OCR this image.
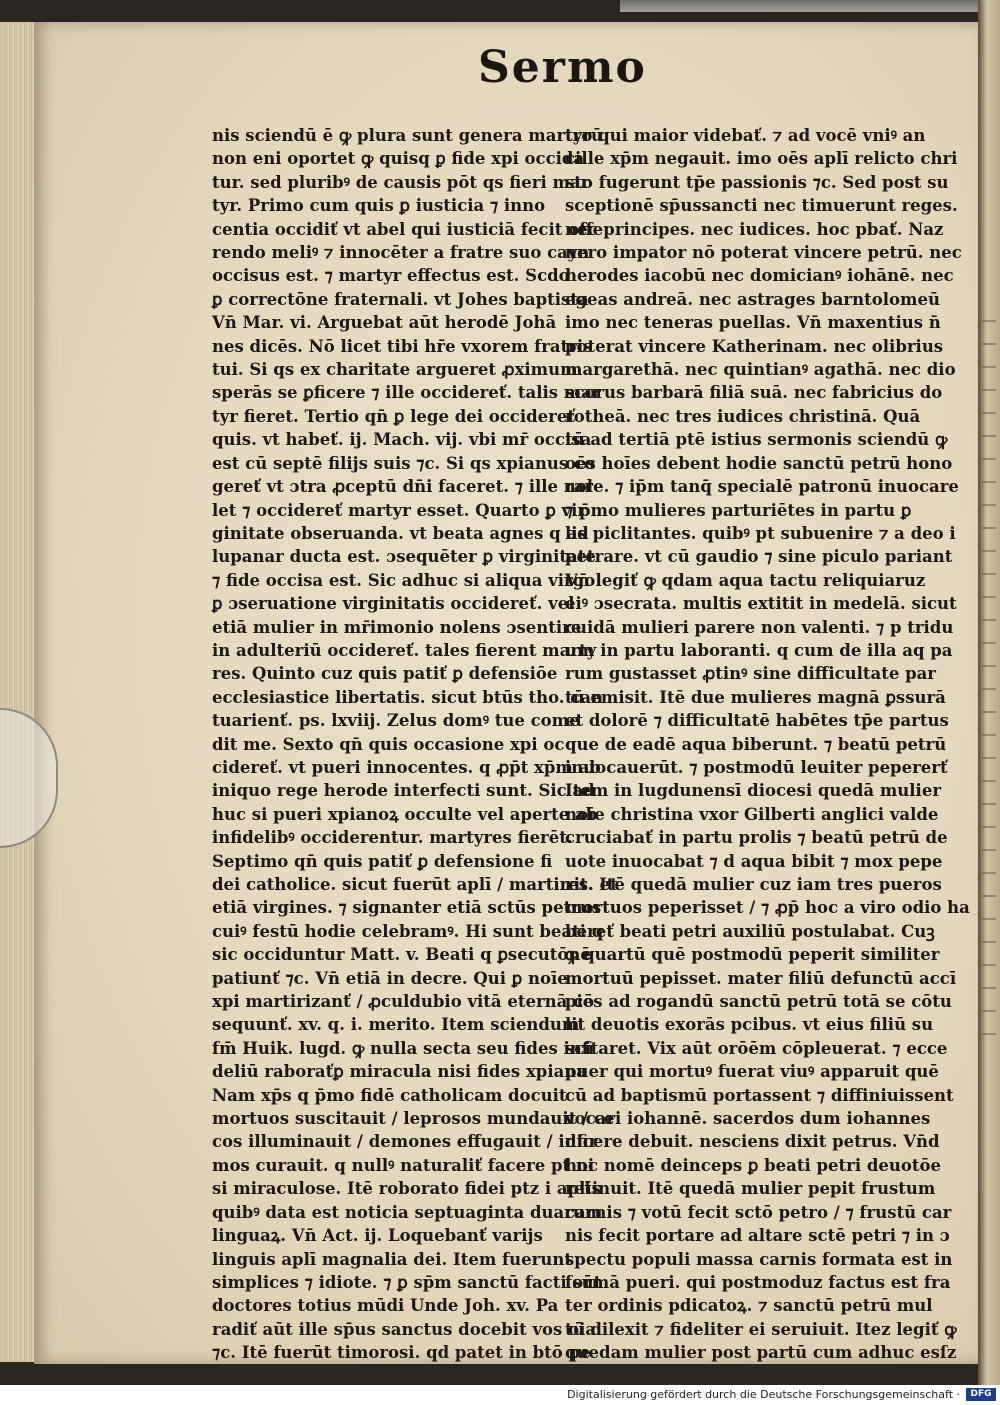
Sermo
nis sciendū ē ꝙ plura sunt genera martyrū
non eni oportet ꝙ quisq ꝑ fide xpi occida
tur. sed pluribꝰ de causis pōt qs fieri mar
tyr. Primo cum quis ꝑ iusticia ⁊ inno
centia occidiť vt abel qui iusticiā fecit offe
rendo meliꝰ ⁊ innocēter a fratre suo cayn
occisus est. ⁊ martyr effectus est. Scdo
ꝑ correctōne fraternali. vt Johes baptista
Vn̄ Mar. vi. Arguebat aūt herodē Johā
nes dicēs. Nō licet tibi hr̄e vxorem fratris
tui. Si qs ex charitate argueret ꝓximum
sperās se ꝑficere ⁊ ille occidereť. talis mar
tyr fieret. Tertio qn̄ ꝑ lege dei occidereť
quis. vt habeť. ij. Mach. vij. vbi mr̄ occisa
est cū septē filijs suis ⁊c. Si qs xpianus co
gereť vt ɔtra ꝓceptū dn̄i faceret. ⁊ ille nol
let ⁊ occidereť martyr esset. Quarto ꝑ vir
ginitate obseruanda. vt beata agnes q ad
lupanar ducta est. ɔsequēter ꝑ virginitate
⁊ fide occisa est. Sic adhuc si aliqua virgo
ꝑ ɔseruatione virginitatis occidereť. vel
etiā mulier in mr̄imonio nolens ɔsentire
in adulteriū occidereť. tales fierent marty
res. Quinto cuz quis patiť ꝑ defensiōe
ecclesiastice libertatis. sicut btūs tho. can
tuarienť. ps. lxviij. Zelus domꝰ tue come
dit me. Sexto qn̄ quis occasione xpi oc
cidereť. vt pueri innocentes. q ꝓp̄t xp̄m ab
iniquo rege herode interfecti sunt. Sic ad
huc si pueri xpianoꝝ occulte vel aperte ab
infidelibꝰ occiderentur. martyres fierēt.
Septimo qn̄ quis patiť ꝑ defensione fi
dei catholice. sicut fuerūt aplī / martires. et
etiā virgines. ⁊ signanter etiā sctūs petrus
cuiꝰ festū hodie celebramꝰ. Hi sunt beati q
sic occiduntur Matt. v. Beati q ꝑsecutōnē
patiunť ⁊c. Vn̄ etiā in decre. Qui ꝑ noīe
xpi martirizanť / ꝓculdubio vitā eternā cō
sequunť. xv. q. i. merito. Item sciendum
fm̄ Huik. lugd. ꝙ nulla secta seu fides infi
deliū raboraťꝑ miracula nisi fides xpiana
Nam xp̄s q p̄mo fidē catholicam docuit
mortuos suscitauit / leprosos mundauit / ce
cos illuminauit / demones effugauit / infir
mos curauit. q nullꝰ naturaliť facere pt ni
si miraculose. Itē roborato fidei ptz i aplīs
quibꝰ data est noticia septuaginta duarum
linguaꝝ. Vn̄ Act. ij. Loquebanť varijs
linguis aplī magnalia dei. Item fuerunt
simplices ⁊ idiote. ⁊ ꝑ sp̄m sanctū facti sūt
doctores totius mūdi Unde Joh. xv. Pa
radiť aūt ille sp̄us sanctus docebit vos oia
⁊c. Itē fuerūt timorosi. qd patet in btō pe
tro qui maior videbať. ⁊ ad vocē vniꝰ an
cille xp̄m negauit. imo oēs aplī relicto chri
sto fugerunt tp̄e passionis ⁊c. Sed post su
sceptionē sp̄ussancti nec timuerunt reges.
nec principes. nec iudices. hoc pbať. Naz
nero impator nō poterat vincere petrū. nec
herodes iacobū nec domicianꝰ iohānē. nec
egeas andreā. nec astrages barntolomeū
imo nec teneras puellas. Vn̄ maxentius n̄
poterat vincere Katherinam. nec olibrius
margarethā. nec quintianꝰ agathā. nec dio
scorus barbarā filiā suā. nec fabricius do
rotheā. nec tres iudices christinā. Quā
tū ad tertiā ptē istius sermonis sciendū ꝙ
oēs hoīes debent hodie sanctū petrū hono
rare. ⁊ ip̄m tanq̄ specialē patronū inuocare
⁊ p̄mo mulieres parturiētes in partu ꝑ
lis piclitantes. quibꝰ pt subuenire ⁊ a deo i
petrare. vt cū gaudio ⁊ sine piculo pariant
Vn̄ legiť ꝙ qdam aqua tactu reliquiaruz
eiꝰ ɔsecrata. multis extitit in medelā. sicut
cuidā mulieri parere non valenti. ⁊ p tridu
um in partu laboranti. q cum de illa aq pa
rum gustasset ꝓtinꝰ sine difficultate par
tū emisit. Itē due mulieres magnā ꝑssurā
et dolorē ⁊ difficultatē habētes tp̄e partus
que de eadē aqua biberunt. ⁊ beatū petrū
inuocauerūt. ⁊ postmodū leuiter pepererť
Item in lugdunensī diocesi quedā mulier
noīe christina vxor Gilberti anglici valde
cruciabať in partu prolis ⁊ beatū petrū de
uote inuocabat ⁊ d aqua bibit ⁊ mox pepe
rit. Itē quedā mulier cuz iam tres pueros
mortuos peperisset / ⁊ ꝓp̄ hoc a viro odio ha
bereť beati petri auxiliū postulabat. Cuꝫ
ꝙ quartū quē postmodū peperit similiter
mortuū pepisset. mater filiū defunctū accī
piēs ad rogandū sanctū petrū totā se cōtu
lit deuotis exorās pcibus. vt eius filiū su
scitaret. Vix aūt orōēm cōpleuerat. ⁊ ecce
puer qui mortuꝰ fuerat viuꝰ apparuit quē
cū ad baptismū portassent ⁊ diffiniuissent
vocari iohannē. sacerdos dum iohannes
dicere debuit. nesciens dixit petrus. Vn̄d
hoc nomē deinceps ꝑ beati petri deuotōe
retinuit. Itē quedā mulier pepit frustum
carnis ⁊ votū fecit sctō petro / ⁊ frustū car
nis fecit portare ad altare sctē petri ⁊ in ɔ
spectu populi massa carnis formata est in
formā pueri. qui postmoduz factus est fra
ter ordinis pdicatoꝝ. ⁊ sanctū petrū mul
tū dilexit ⁊ fideliter ei seruiuit. Itez legiť ꝙ
quedam mulier post partū cum adhuc esſz
Digitalisierung gefördert durch die Deutsche Forschungsgemeinschaft ·	DFG
